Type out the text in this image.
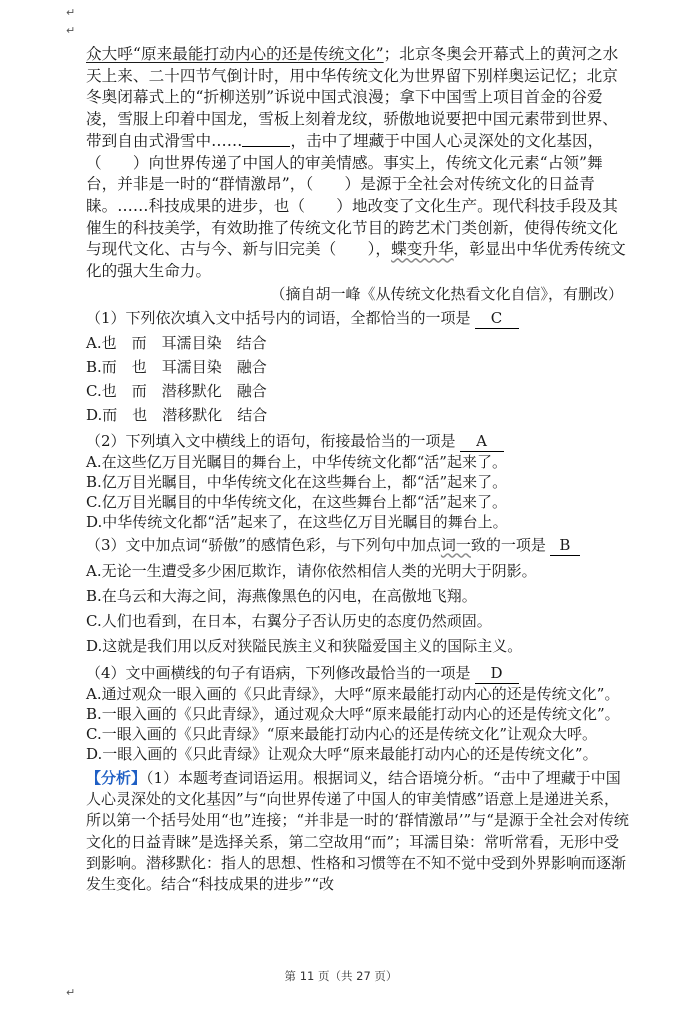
↵
↵

众大呼“原来最能打动内心的还是传统文化”；北京冬奥会开幕式上的黄河之水天上来、二十四节气倒计时，用中华传统文化为世界留下别样奥运记忆；北京冬奥闭幕式上的“折柳送别”诉说中国式浪漫；拿下中国雪上项目首金的谷爱凌，雪服上印着中国龙，雪板上刻着龙纹，骄傲地说要把中国元素带到世界、带到自由式滑雪中……	，击中了埋藏于中国人心灵深处的文化基因，（　　）向世界传递了中国人的审美情感。事实上，传统文化元素“占领”舞台，并非是一时的“群情激昂”，（　　）是源于全社会对传统文化的日益青睐。……科技成果的进步，也（　　）地改变了文化生产。现代科技手段及其催生的科技美学，有效助推了传统文化节目的跨艺术门类创新，使得传统文化与现代文化、古与今、新与旧完美（　　），蝶变升华，彰显出中华优秀传统文化的强大生命力。

（摘自胡一峰《从传统文化热看文化自信》，有删改）

（1）下列依次填入文中括号内的词语，全都恰当的一项是 C

A.也　而　耳濡目染　结合

B.而　也　耳濡目染　融合

C.也　而　潜移默化　融合

D.而　也　潜移默化　结合

（2）下列填入文中横线上的语句，衔接最恰当的一项是 A

A.在这些亿万目光瞩目的舞台上，中华传统文化都“活”起来了。

B.亿万目光瞩目，中华传统文化在这些舞台上，都“活”起来了。

C.亿万目光瞩目的中华传统文化，在这些舞台上都“活”起来了。

D.中华传统文化都“活”起来了，在这些亿万目光瞩目的舞台上。

（3）文中加点词“骄傲”的感情色彩，与下列句中加点词一致的一项是 B

A.无论一生遭受多少困厄欺诈，请你依然相信人类的光明大于阴影。

B.在乌云和大海之间，海燕像黑色的闪电，在高傲地飞翔。

C.人们也看到，在日本，右翼分子否认历史的态度仍然顽固。

D.这就是我们用以反对狭隘民族主义和狭隘爱国主义的国际主义。

（4）文中画横线的句子有语病，下列修改最恰当的一项是 D

A.通过观众一眼入画的《只此青绿》，大呼“原来最能打动内心的还是传统文化”。

B.一眼入画的《只此青绿》，通过观众大呼“原来最能打动内心的还是传统文化”。

C.一眼入画的《只此青绿》“原来最能打动内心的还是传统文化”让观众大呼。

D.一眼入画的《只此青绿》让观众大呼“原来最能打动内心的还是传统文化”。

【分析】（1）本题考查词语运用。根据词义，结合语境分析。“击中了埋藏于中国人心灵深处的文化基因”与“向世界传递了中国人的审美情感”语意上是递进关系，所以第一个括号处用“也”连接；“并非是一时的‘群情激昂’”与“是源于全社会对传统文化的日益青睐”是选择关系，第二空故用“而”；耳濡目染：常听常看，无形中受到影响。潜移默化：指人的思想、性格和习惯等在不知不觉中受到外界影响而逐渐发生变化。结合“科技成果的进步”“改

第 11 页（共 27 页）
↵
